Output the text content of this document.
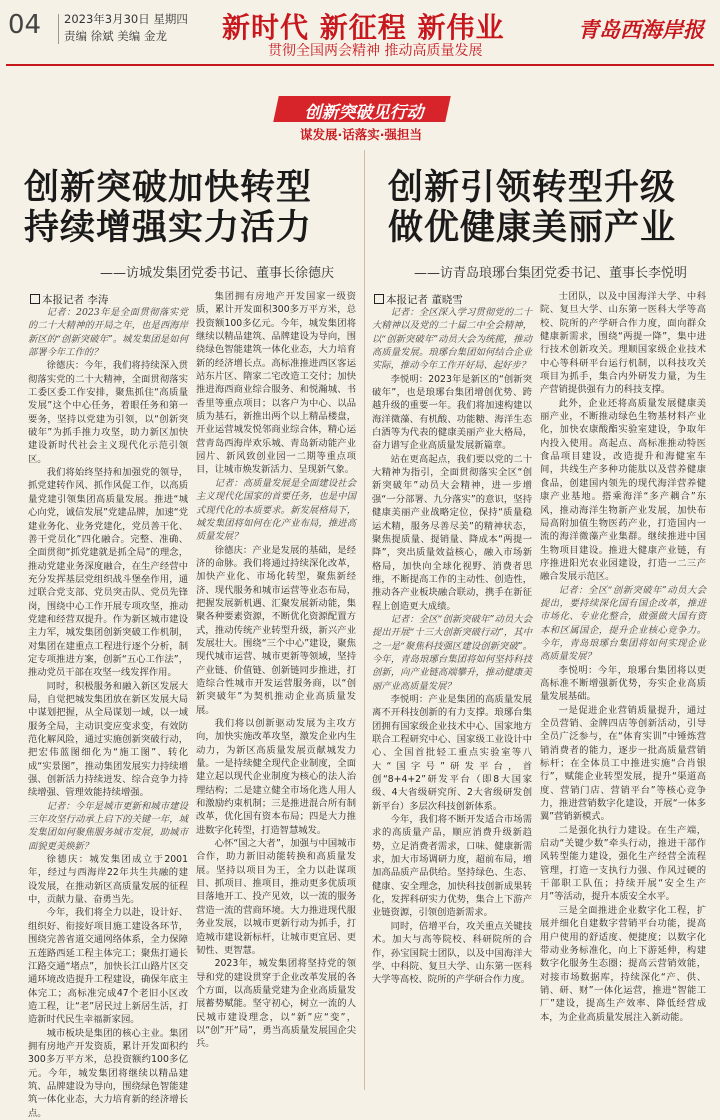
04 2023年3月30日 星期四
责编 徐斌 美编 金龙 新时代 新征程 新伟业
贯彻全国两会精神 推动高质量发展
青岛西海岸报
创新突破见行动
谋发展·话落实·强担当
创新突破加快转型
持续增强实力活力
——访城发集团党委书记、董事长徐德庆
创新引领转型升级
做优健康美丽产业
——访青岛琅琊台集团党委书记、董事长李悦明
本报记者 李涛	本报记者 董晓雪

记者：2023年是全面贯彻落实党的二十大精神的开局之年，也是西海岸新区的“创新突破年”。城发集团是如何部署今年工作的？

徐德庆：今年，我们将持续深入贯彻落实党的二十大精神，全面贯彻落实工委区委工作安排，聚焦抓住“高质量发展”这个中心任务，着眼任务和第一要务，坚持以党建为引领，以“创新突破年”为抓手推力攻坚，助力新区加快建设新时代社会主义现代化示范引领区。

我们将始终坚持和加强党的领导，抓党建转作风、抓作风促工作，以高质量党建引领集团高质量发展。推进“城心向党，诚信发展”党建品牌，加速“党建业务化、业务党建化，党员善干化、善干党员化”四化融合。完整、准确、全面贯彻“抓党建就是抓全局”的理念，推动党建业务深度融合，在生产经营中充分发挥基层党组织战斗堡垒作用，通过联合党支部、党员突击队、党员先锋岗，围绕中心工作开展专项攻坚，推动党建和经营双提升。作为新区城市建设主力军，城发集团创新突破工作机制，对集团在建重点工程进行逐个分析，制定专项推进方案，创新“五心工作法”，推动党员干部在攻坚一线发挥作用。

同时，积极服务和融入新区发展大局，自觉把城发集团放在新区发展大局中谋划把握，从全局谋划一域，以一域服务全局，主动识变应变求变，有效防范化解风险，通过实施创新突破行动，把宏伟蓝图细化为“施工图”、转化成“实景图”，推动集团发展实力持续增强、创新活力持续迸发、综合竞争力持续增强、管理效能持续增强。

记者：今年是城市更新和城市建设三年攻坚行动承上启下的关键一年，城发集团如何聚焦服务城市发展，助城市面貌更美焕新？

徐德庆：城发集团成立于2001年，经过与西海岸22年共生共融的建设发展，在推动新区高质量发展的征程中，贡献力量、奋勇当先。

今年，我们将全力以赴，设计好、组织好、衔接好项目施工建设各环节，围绕完善省道交通网络体系，全力保障五莲路西延工程主体完工；聚焦打通长江路交通“堵点”，加快长江山路片区交通环境改造提升工程建设，确保年底主体完工；高标准完成47个老旧小区改造工程，让“老”居民过上新居生活，打造新时代民生幸福新家园。

城市板块是集团的核心主业。集团拥有房地产开发资质，累计开发面积约300多万平方米，总投资额约100多亿元。今年，城发集团将继续以精品建筑、品牌建设为导向，围绕绿色智能建筑一体化业态，大力培育新的经济增长点。

集团拥有房地产开发国家一级资质，累计开发面积300多万平方米，总投资额100多亿元。今年，城发集团将继续以精品建筑、品牌建设为导向，围绕绿色智能建筑一体化业态，大力培育新的经济增长点。高标准推进西区客运站东片区、隋家二宅改造工交付；加快推进海西商业综合服务、和悦瀚城、书香里等重点项目；以客户为中心、以品质为基石，新推出两个以上精品楼盘，开业运营城发悦邻商业综合体，精心运营青岛西海岸欢乐城、青岛新动能产业园片、新风致创业园一二期等重点项目，让城市焕发新活力、呈现新气象。

记者：高质量发展是全面建设社会主义现代化国家的首要任务，也是中国式现代化的本质要求。新发展格局下，城发集团将如何在化产业布局，推进高质量发展？

徐德庆：产业是发展的基础，是经济的命脉。我们将通过持续深化改革，加快产业化、市场化转型，聚焦新经济、现代服务和城市运营等业态布局，把握发展新机遇、汇聚发展新动能，集聚各种要素资源，不断优化资源配置方式，推动传统产业转型升级，新兴产业发展壮大。围绕“三个中心”建设，聚焦现代城市运营、城市更新等领域，坚持产业链、价值链、创新链同步推进，打造综合性城市开发运营服务商，以“创新突破年”为契机推动企业高质量发展。

我们将以创新驱动发展为主攻方向，加快实施改革攻坚，激发企业内生动力，为新区高质量发展贡献城发力量。一是持续健全现代企业制度，全面建立起以现代企业制度为核心的法人治理结构；二是建立健全市场化选人用人和激励约束机制；三是推进混合所有制改革，优化国有资本布局；四是大力推进数字化转型，打造智慧城发。

心怀“国之大者”，加强与中国城市合作，助力新旧动能转换和高质量发展。坚持以项目为王，全力以赴谋项目、抓项目、推项目，推动更多优质项目落地开工、投产见效，以一流的服务营造一流的营商环境。大力推进现代服务业发展，以城市更新行动为抓手，打造城市建设新标杆，让城市更宜居、更韧性、更智慧。

2023年，城发集团将坚持党的领导和党的建设贯穿于企业改革发展的各个方面，以高质量党建为企业高质量发展蓄势赋能。坚守初心，树立一流的人民城市建设理念，以“新”应“变”，以“创”开“局”，勇当高质量发展国企尖兵。

记者：全区深入学习贯彻党的二十大精神以及党的二十届二中全会精神，以“创新突破年”动员大会为统揽，推动高质量发展。琅琊台集团如何结合企业实际，推动今年工作开好局、起好步？

李悦明：2023年是新区的“创新突破年”，也是琅琊台集团增创优势、跨越升级的重要一年。我们将加速构建以海洋微藻、有机酸、功能糖、海洋生态白酒等为代表的健康美丽产业大格局，奋力谱写企业高质量发展新篇章。

站在更高起点，我们要以党的二十大精神为指引，全面贯彻落实全区“创新突破年”动员大会精神，进一步增强“一分部署、九分落实”的意识，坚持健康美丽产业战略定位，保持“质量稳运术精，服务尽善尽美”的精神状态，聚焦提质量、提销量、降成本“两提一降”，突出质量效益核心，融入市场新格局，加快向全球化视野、消费者思维，不断提高工作的主动性、创造性，推动各产业板块融合联动，携手在新征程上创造更大成绩。

记者：全区“创新突破年”动员大会提出开展“十三大创新突破行动”，其中之一是“聚焦科技强区建设创新突破”。今年，青岛琅琊台集团将如何坚持科技创新，向产业链高端攀升，推动健康美丽产业高质量发展？

李悦明：产业是集团的高质量发展离不开科技创新的有力支撑。琅琊台集团拥有国家级企业技术中心、国家地方联合工程研究中心、国家级工业设计中心、全国首批轻工重点实验室等八大“国字号”研发平台，首创“8+4+2”研发平台（即8大国家级、4大省级研究所、2大省级研发创新平台）多层次科技创新体系。

今年，我们将不断开发适合市场需求的高质量产品，顺应消费升级新趋势，立足消费者需求，口味、健康新需求，加大市场调研力度，超前布局，增加高品质产品供给。坚持绿色、生态、健康、安全理念，加快科技创新成果转化，发挥科研实力优势，集合上下游产业链资源，引领创造新需求。

同时，倍增平台，攻关重点关键技术。加大与高等院校、科研院所的合作，孙宝国院士团队，以及中国海洋大学、中科院、复旦大学、山东第一医科大学等高校、院所的产学研合作力度。

士团队，以及中国海洋大学、中科院、复旦大学、山东第一医科大学等高校、院所的产学研合作力度，面向群众健康新需求，围绕“两提一降”，集中进行技术创新攻关。理顺国家级企业技术中心等科研平台运行机制，以科技攻关项目为抓手，集合内外研发力量，为生产营销提供强有力的科技支撑。

此外，企业还将高质量发展健康美丽产业，不断推动绿色生物基材料产业化，加快农康酸酯实验室建设，争取年内投入使用。高起点、高标准推动特医食品项目建设，改造提升和海健室车间，共线生产多种功能肽以及营养健康食品，创建国内领先的现代海洋营养健康产业基地。搭乘海洋“多产耦合”东风，推动海洋生物新产业发展，加快布局高附加值生物医药产业，打造国内一流的海洋微藻产业集群。继续推进中国生物项目建设。推进大健康产业链，有序推进阳光农业园建设，打造一二三产融合发展示范区。

记者：全区“创新突破年”动员大会提出，要持续深化国有国企改革，推进市场化、专业化整合，做强做大国有资本和区属国企，提升企业核心竞争力。今年，青岛琅琊台集团将如何实现企业高质量发展？

李悦明：今年，琅琊台集团将以更高标准不断增强新优势，夯实企业高质量发展基础。

一是促进企业营销质量提升，通过全员营销、金牌四店等创新活动，引导全员广泛参与，在“体育实训”中锤炼营销消费者的能力，逐步一批高质量营销标杆；在全体员工中推进实施“合肖银行”，赋能企业转型发展，提升“渠道高度、营销门店、营销平台”等核心竞争力，推进营销数字化建设，开展“一体多翼”营销新模式。

二是强化执行力建设。在生产端，启动“关键少数”牵头行动，推进干部作风转型能力建设，强化生产经营全流程管理，打造一支执行力强、作风过硬的干部职工队伍；持续开展“安全生产月”等活动，提升本质安全水平。

三是全面推进企业数字化工程，扩展并细化自建数字营销平台功能，提高用户使用的舒适度、便捷度；以数字化带动业务标准化，向上下游延伸，构建数字化服务生态圈；提高云营销效能，对接市场数据库，持续深化“产、供、销、研、财”一体化运营，推进“智能工厂”建设，提高生产效率、降低经营成本，为企业高质量发展注入新动能。
